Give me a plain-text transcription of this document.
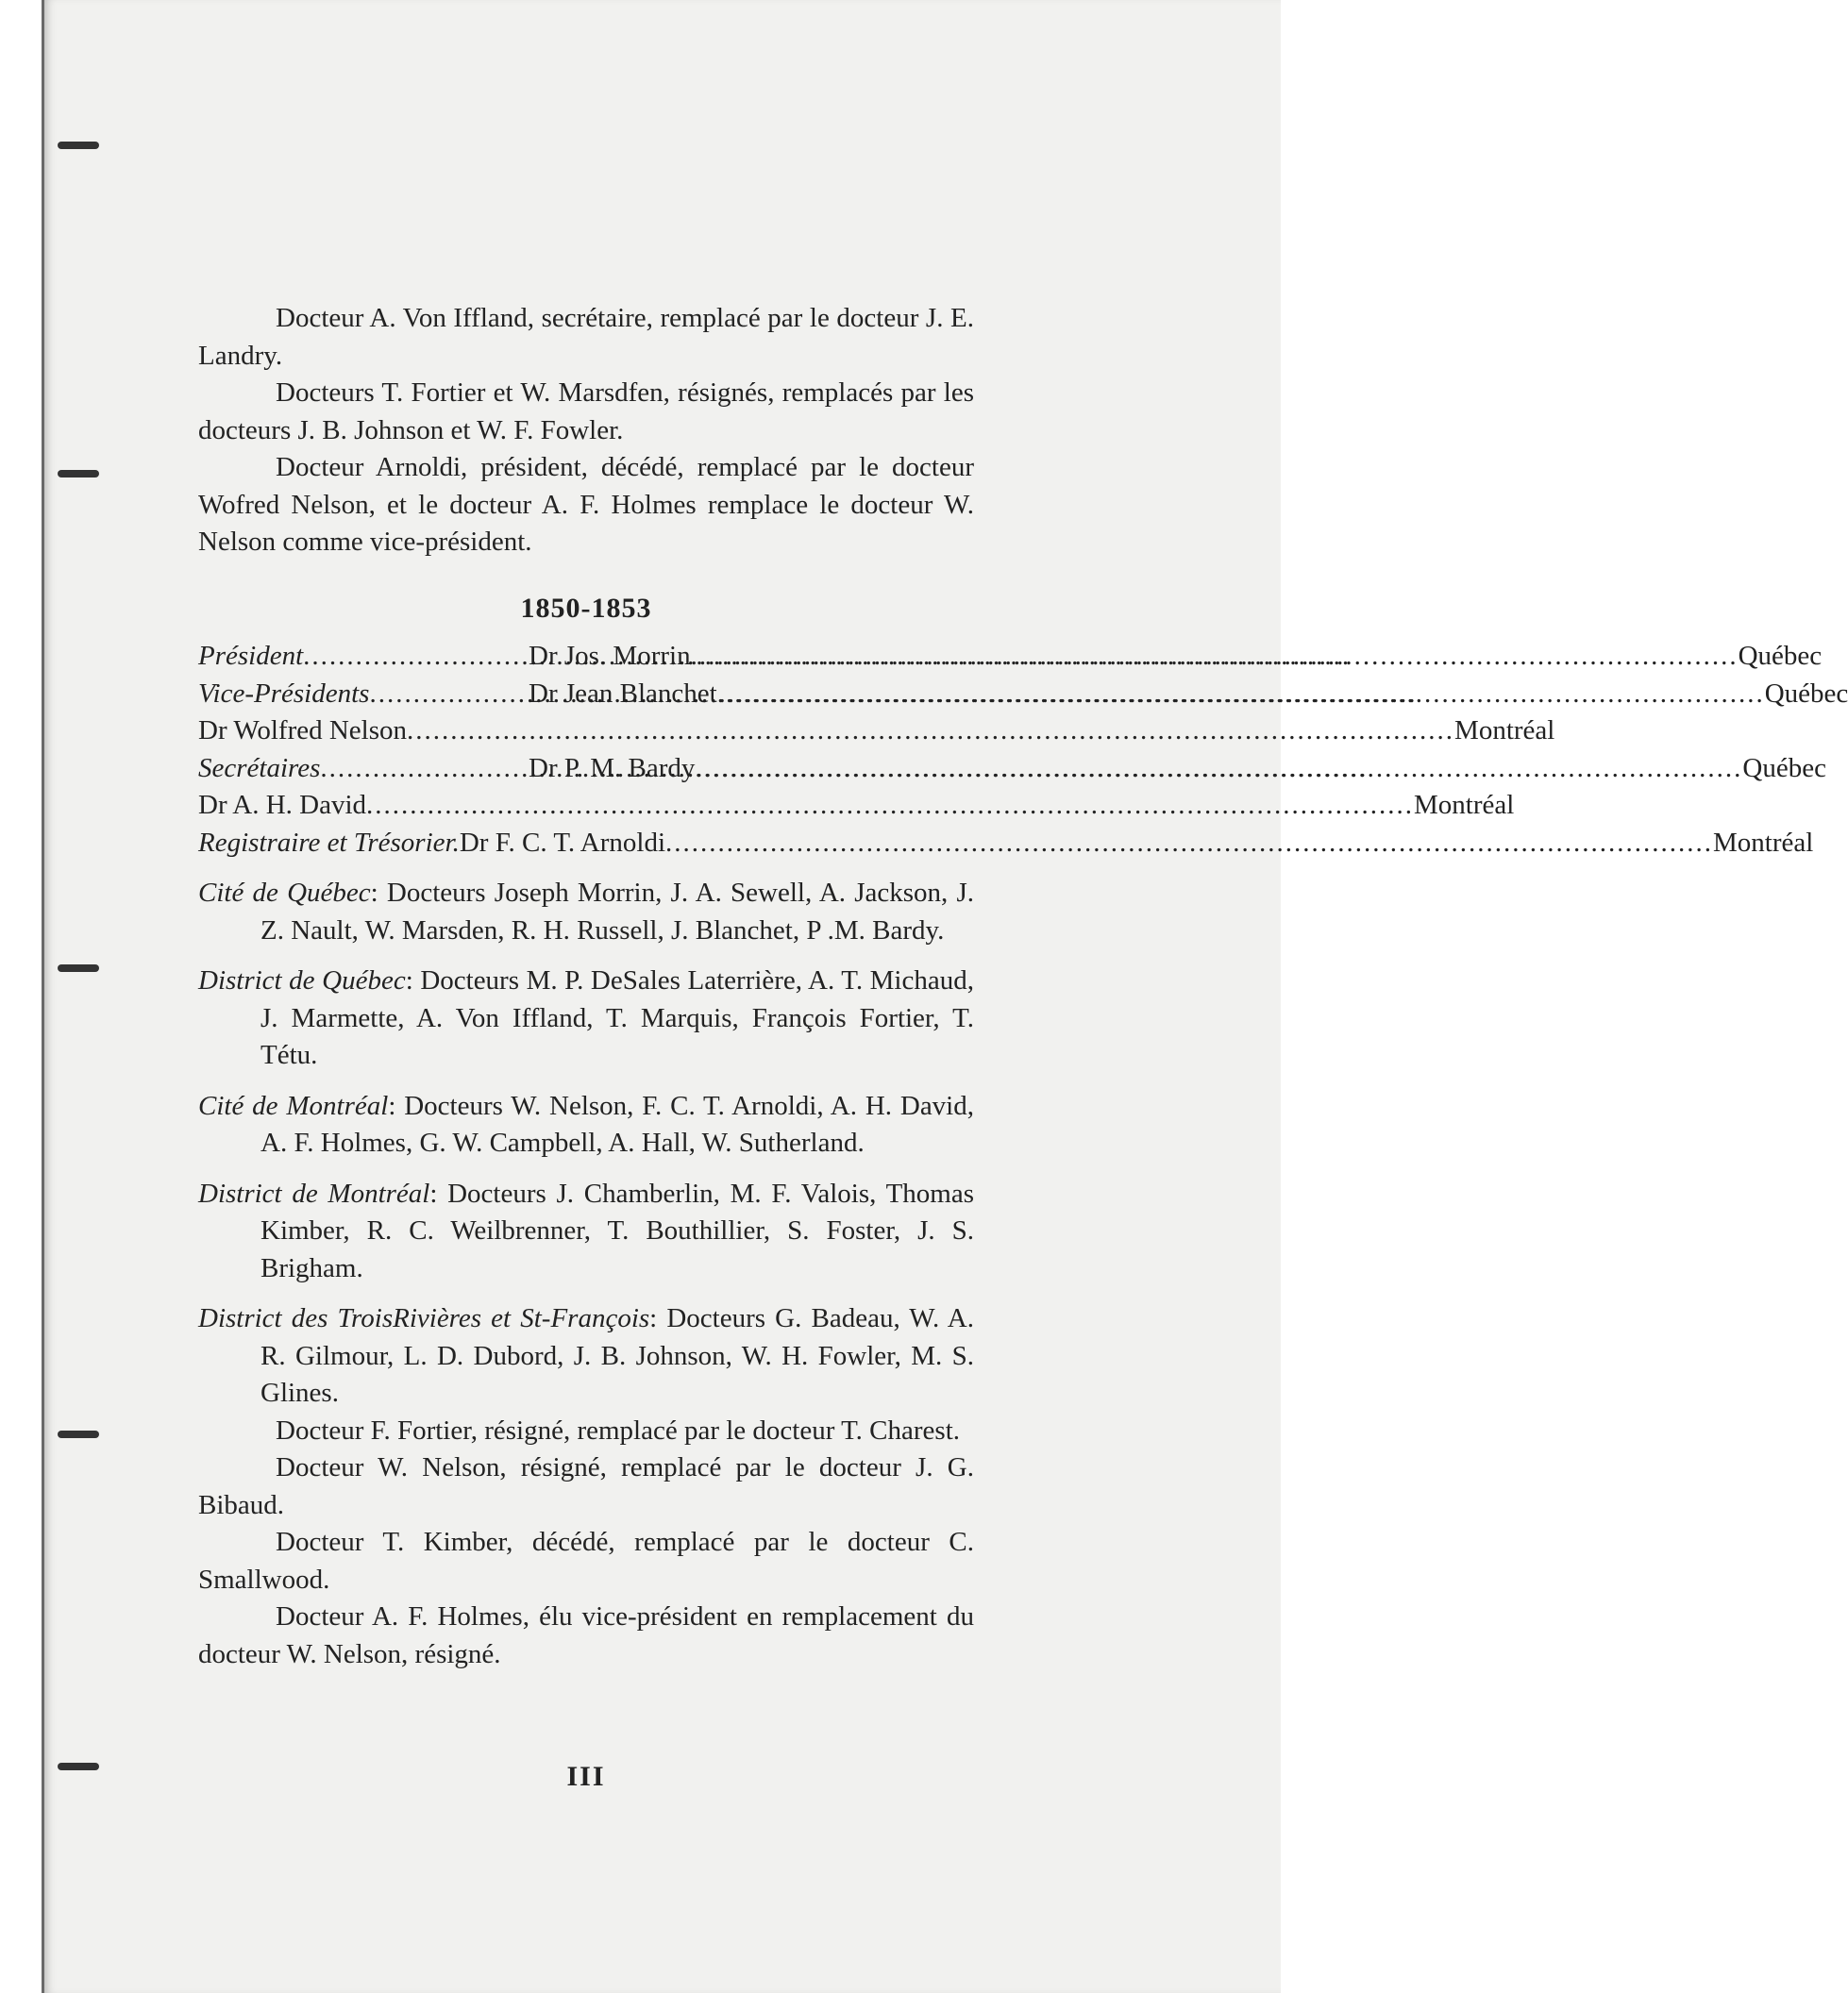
Docteur A. Von Iffland, secrétaire, remplacé par le docteur J. E. Landry.

Docteurs T. Fortier et W. Marsdfen, résignés, remplacés par les docteurs J. B. Johnson et W. F. Fowler.

Docteur Arnoldi, président, décédé, remplacé par le docteur Wofred Nelson, et le docteur A. F. Holmes remplace le docteur W. Nelson comme vice-président.

1850-1853
Président .....	Dr Jos. Morrin .....	Québec
Vice-Présidents .....	Dr Jean Blanchet .....	Québec
Dr Wolfred Nelson .....	Montréal
Secrétaires .....	Dr P. M. Bardy .....	Québec
Dr A. H. David .....	Montréal
Registraire et Trésorier. Dr F. C. T. Arnoldi .....	Montréal

Cité de Québec: Docteurs Joseph Morrin, J. A. Sewell, A. Jackson, J. Z. Nault, W. Marsden, R. H. Russell, J. Blanchet, P .M. Bardy.

District de Québec: Docteurs M. P. DeSales Laterrière, A. T. Michaud, J. Marmette, A. Von Iffland, T. Marquis, François Fortier, T. Tétu.

Cité de Montréal: Docteurs W. Nelson, F. C. T. Arnoldi, A. H. David, A. F. Holmes, G. W. Campbell, A. Hall, W. Sutherland.

District de Montréal: Docteurs J. Chamberlin, M. F. Valois, Thomas Kimber, R. C. Weilbrenner, T. Bouthillier, S. Foster, J. S. Brigham.

District des TroisRivières et St-François: Docteurs G. Badeau, W. A. R. Gilmour, L. D. Dubord, J. B. Johnson, W. H. Fowler, M. S. Glines.

Docteur F. Fortier, résigné, remplacé par le docteur T. Charest.

Docteur W. Nelson, résigné, remplacé par le docteur J. G. Bibaud.

Docteur T. Kimber, décédé, remplacé par le docteur C. Smallwood.

Docteur A. F. Holmes, élu vice-président en remplacement du docteur W. Nelson, résigné.

III
